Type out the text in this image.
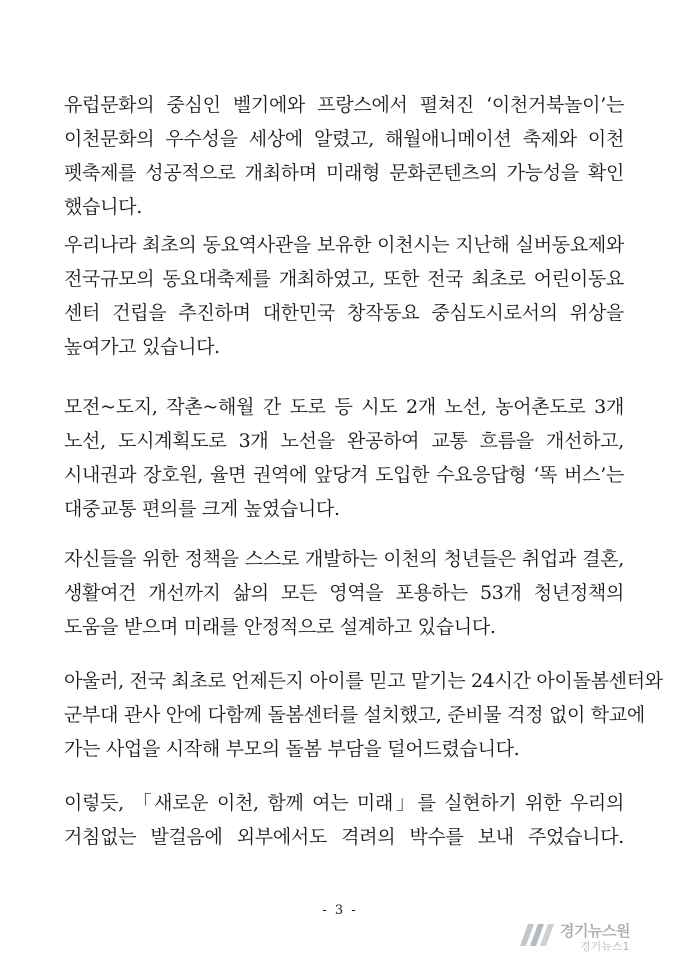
유럽문화의 중심인 벨기에와 프랑스에서 펼쳐진 ‘이천거북놀이’는
이천문화의 우수성을 세상에 알렸고, 해월애니메이션 축제와 이천
펫축제를 성공적으로 개최하며 미래형 문화콘텐츠의 가능성을 확인
했습니다.
우리나라 최초의 동요역사관을 보유한 이천시는 지난해 실버동요제와
전국규모의 동요대축제를 개최하였고, 또한 전국 최초로 어린이동요
센터 건립을 추진하며 대한민국 창작동요 중심도시로서의 위상을
높여가고 있습니다.
모전~도지, 작촌~해월 간 도로 등 시도 2개 노선, 농어촌도로 3개
노선, 도시계획도로 3개 노선을 완공하여 교통 흐름을 개선하고,
시내권과 장호원, 율면 권역에 앞당겨 도입한 수요응답형 ‘똑 버스’는
대중교통 편의를 크게 높였습니다.
자신들을 위한 정책을 스스로 개발하는 이천의 청년들은 취업과 결혼,
생활여건 개선까지 삶의 모든 영역을 포용하는 53개 청년정책의
도움을 받으며 미래를 안정적으로 설계하고 있습니다.
아울러, 전국 최초로 언제든지 아이를 믿고 맡기는 24시간 아이돌봄센터와
군부대 관사 안에 다함께 돌봄센터를 설치했고, 준비물 걱정 없이 학교에
가는 사업을 시작해 부모의 돌봄 부담을 덜어드렸습니다.
이렇듯, 「새로운 이천, 함께 여는 미래」를 실현하기 위한 우리의
거침없는 발걸음에 외부에서도 격려의 박수를 보내 주었습니다.
- 3 -
경기뉴스원
경기뉴스1
